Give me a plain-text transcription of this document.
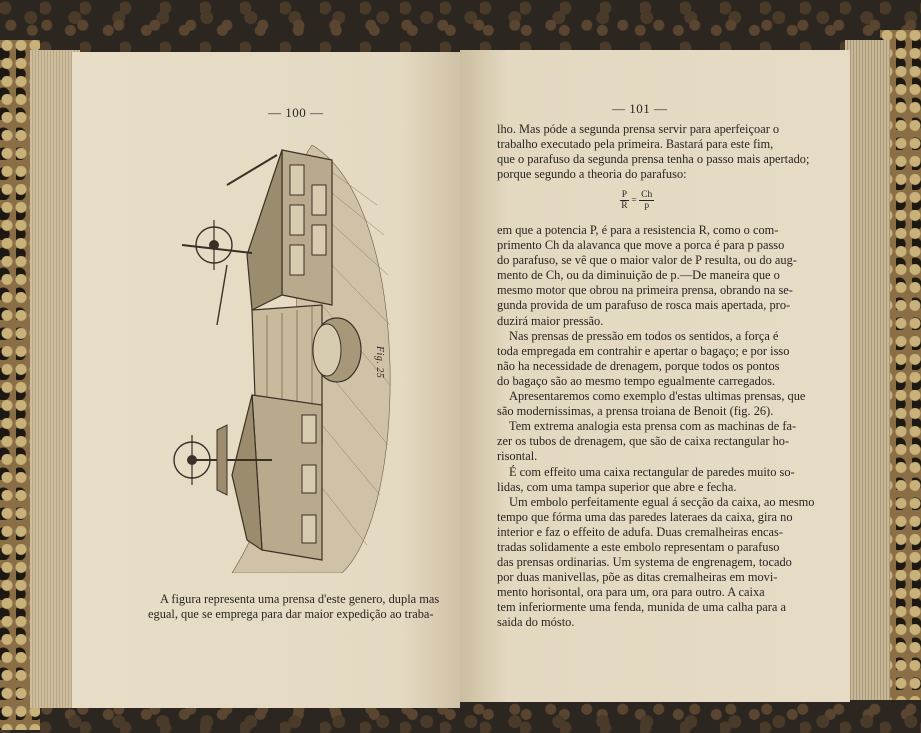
— 100 —
Fig. 25
A figura representa uma prensa d'este genero, dupla mas
egual, que se emprega para dar maior expedição ao traba-
— 101 —
lho. Mas póde a segunda prensa servir para aperfeiçoar o
trabalho executado pela primeira. Bastará para este fim,
que o parafuso da segunda prensa tenha o passo mais apertado;
porque segundo a theoria do parafuso:
$\frac{P}{R} = \frac{Ch}{p}$
em que a potencia P, é para a resistencia R, como o com-
primento Ch da alavanca que move a porca é para p passo
do parafuso, se vê que o maior valor de P resulta, ou do aug-
mento de Ch, ou da diminuição de p.—De maneira que o
mesmo motor que obrou na primeira prensa, obrando na se-
gunda provida de um parafuso de rosca mais apertada, pro-
duzirá maior pressão.
Nas prensas de pressão em todos os sentidos, a força é
toda empregada em contrahir e apertar o bagaço; e por isso
não ha necessidade de drenagem, porque todos os pontos
do bagaço são ao mesmo tempo egualmente carregados.
Apresentaremos como exemplo d'estas ultimas prensas, que
são modernissimas, a prensa troiana de Benoit (fig. 26).
Tem extrema analogia esta prensa com as machinas de fa-
zer os tubos de drenagem, que são de caixa rectangular ho-
risontal.
É com effeito uma caixa rectangular de paredes muito so-
lidas, com uma tampa superior que abre e fecha.
Um embolo perfeitamente egual á secção da caixa, ao mesmo
tempo que fórma uma das paredes lateraes da caixa, gira no
interior e faz o effeito de adufa. Duas cremalheiras encas-
tradas solidamente a este embolo representam o parafuso
das prensas ordinarias. Um systema de engrenagem, tocado
por duas manivellas, põe as ditas cremalheiras em movi-
mento horisontal, ora para um, ora para outro. A caixa
tem inferiormente uma fenda, munida de uma calha para a
saida do mósto.
